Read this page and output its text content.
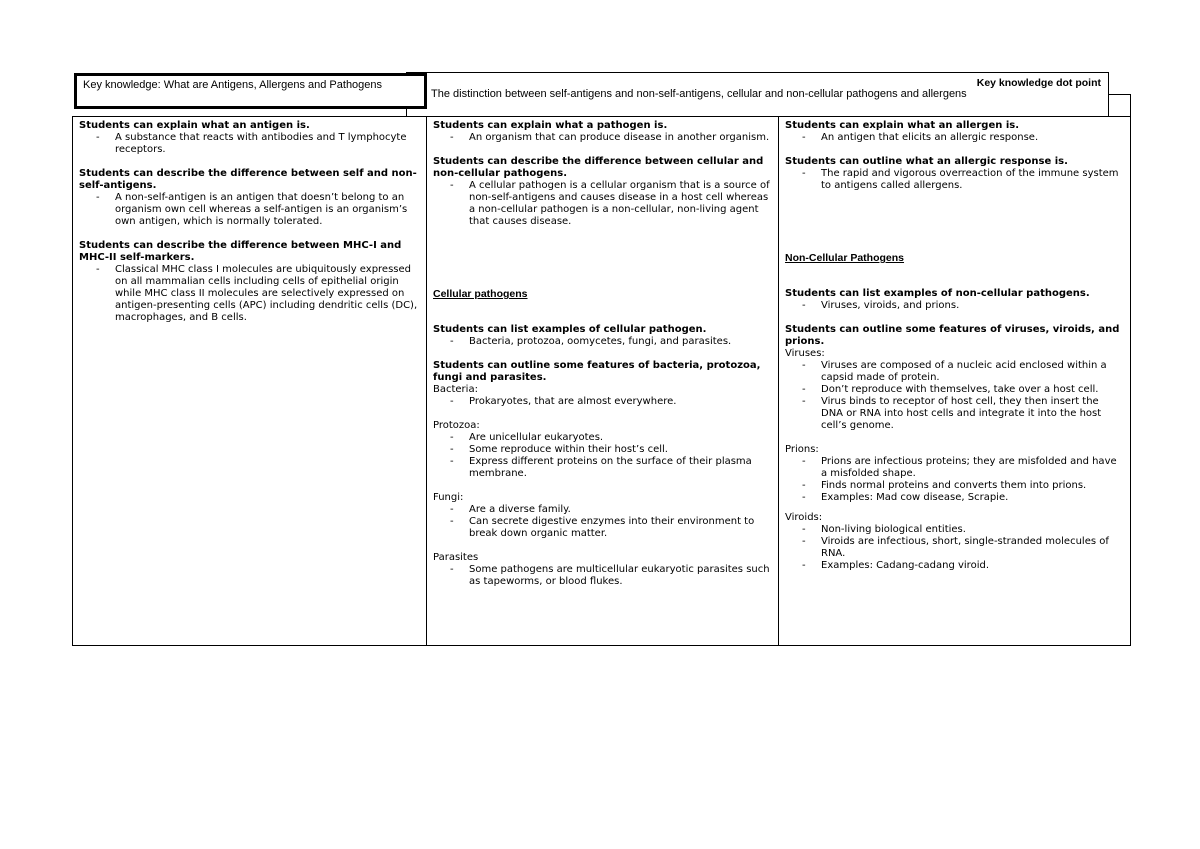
Key knowledge: What are Antigens, Allergens and Pathogens	Key knowledge dot point
The distinction between self-antigens and non-self-antigens, cellular and non-cellular pathogens and allergens

Students can explain what an antigen is.

- A substance that reacts with antibodies and T lymphocyte

receptors.

Students can describe the difference between self and non-

self-antigens.

- A non-self-antigen is an antigen that doesn’t belong to an

organism own cell whereas a self-antigen is an organism’s

own antigen, which is normally tolerated.

Students can describe the difference between MHC-I and

MHC-II self-markers.

- Classical MHC class I molecules are ubiquitously expressed

on all mammalian cells including cells of epithelial origin

while MHC class II molecules are selectively expressed on

antigen-presenting cells (APC) including dendritic cells (DC),

macrophages, and B cells.

Students can explain what a pathogen is.

- An organism that can produce disease in another organism.

Students can describe the difference between cellular and

non-cellular pathogens.

- A cellular pathogen is a cellular organism that is a source of

non-self-antigens and causes disease in a host cell whereas

a non-cellular pathogen is a non-cellular, non-living agent

that causes disease.

Cellular pathogens

Students can list examples of cellular pathogen.

- Bacteria, protozoa, oomycetes, fungi, and parasites.

Students can outline some features of bacteria, protozoa,

fungi and parasites.

Bacteria:

- Prokaryotes, that are almost everywhere.

Protozoa:

- Are unicellular eukaryotes.

- Some reproduce within their host’s cell.

- Express different proteins on the surface of their plasma

membrane.

Fungi:

- Are a diverse family.

- Can secrete digestive enzymes into their environment to

break down organic matter.

Parasites

- Some pathogens are multicellular eukaryotic parasites such

as tapeworms, or blood flukes.

Students can explain what an allergen is.

- An antigen that elicits an allergic response.

Students can outline what an allergic response is.

- The rapid and vigorous overreaction of the immune system

to antigens called allergens.

Non-Cellular Pathogens

Students can list examples of non-cellular pathogens.

- Viruses, viroids, and prions.

Students can outline some features of viruses, viroids, and

prions.

Viruses:

- Viruses are composed of a nucleic acid enclosed within a

capsid made of protein.

- Don’t reproduce with themselves, take over a host cell.

- Virus binds to receptor of host cell, they then insert the

DNA or RNA into host cells and integrate it into the host

cell’s genome.

Prions:

- Prions are infectious proteins; they are misfolded and have

a misfolded shape.

- Finds normal proteins and converts them into prions.

- Examples: Mad cow disease, Scrapie.

Viroids:

- Non-living biological entities.

- Viroids are infectious, short, single-stranded molecules of

RNA.

- Examples: Cadang-cadang viroid.
